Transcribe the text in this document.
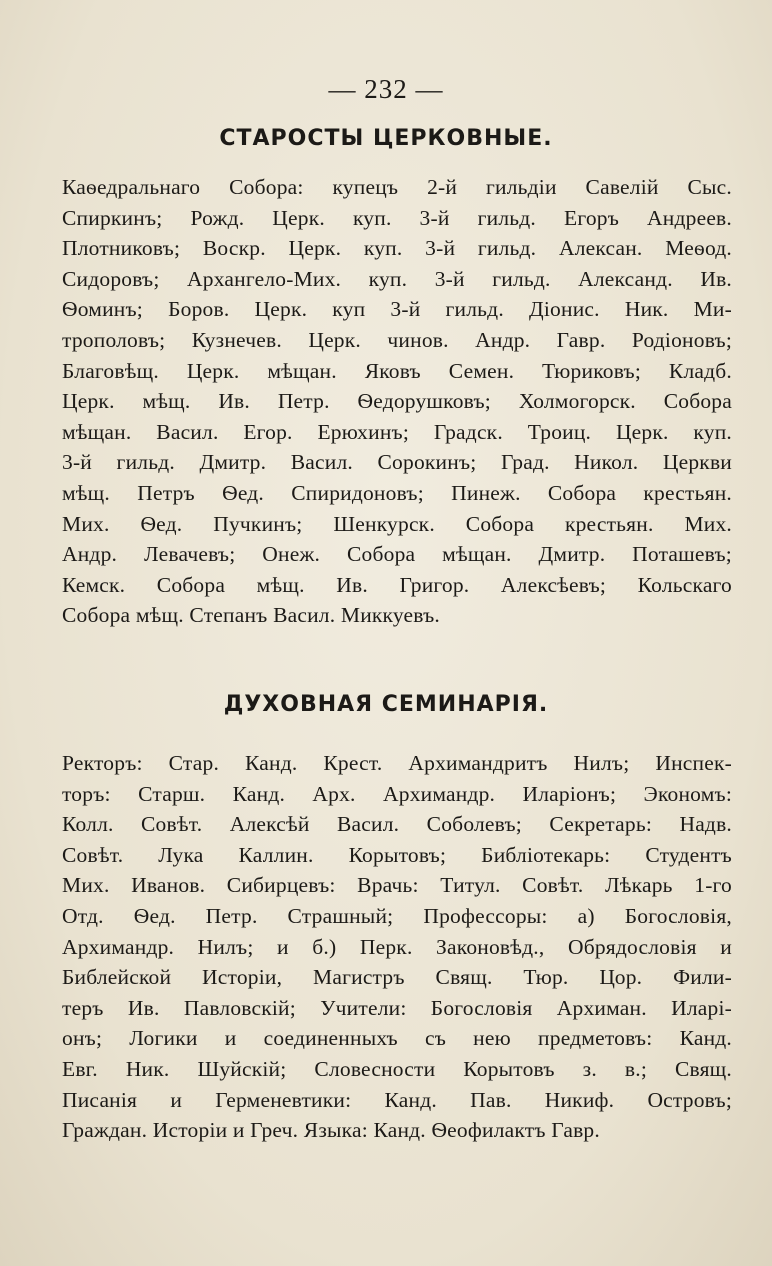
— 232 —
СТАРОСТЫ ЦЕРКОВНЫЕ.
Каѳедральнаго Собора: купецъ 2-й гильдіи Савелій Сыс.
Спиркинъ; Рожд. Церк. куп. 3-й гильд. Егоръ Андреев.
Плотниковъ; Воскр. Церк. куп. 3-й гильд. Алексан. Меѳод.
Сидоровъ; Архангело-Мих. куп. 3-й гильд. Александ. Ив.
Ѳоминъ; Боров. Церк. куп 3-й гильд. Діонис. Ник. Ми-
трополовъ; Кузнечев. Церк. чинов. Андр. Гавр. Родіоновъ;
Благовѣщ. Церк. мѣщан. Яковъ Семен. Тюриковъ; Кладб.
Церк. мѣщ. Ив. Петр. Ѳедорушковъ; Холмогорск. Собора
мѣщан. Васил. Егор. Ерюхинъ; Градск. Троиц. Церк. куп.
3-й гильд. Дмитр. Васил. Сорокинъ; Град. Никол. Церкви
мѣщ. Петръ Ѳед. Спиридоновъ; Пинеж. Собора крестьян.
Мих. Ѳед. Пучкинъ; Шенкурск. Собора крестьян. Мих.
Андр. Левачевъ; Онеж. Собора мѣщан. Дмитр. Поташевъ;
Кемск. Собора мѣщ. Ив. Григор. Алексѣевъ; Кольскаго
Собора мѣщ. Степанъ Васил. Миккуевъ.
ДУХОВНАЯ СЕМИНАРІЯ.
Ректоръ: Стар. Канд. Крест. Архимандритъ Нилъ; Инспек-
торъ: Старш. Канд. Арх. Архимандр. Иларіонъ; Экономъ:
Колл. Совѣт. Алексѣй Васил. Соболевъ; Секретарь: Надв.
Совѣт. Лука Каллин. Корытовъ; Библіотекарь: Студентъ
Мих. Иванов. Сибирцевъ: Врачь: Титул. Совѣт. Лѣкарь 1-го
Отд. Ѳед. Петр. Страшный; Профессоры: а) Богословія,
Архимандр. Нилъ; и б.) Перк. Законовѣд., Обрядословія и
Библейской Исторіи, Магистръ Свящ. Тюр. Цор. Фили-
теръ Ив. Павловскій; Учители: Богословія Архиман. Иларі-
онъ; Логики и соединенныхъ съ нею предметовъ: Канд.
Евг. Ник. Шуйскій; Словесности Корытовъ з. в.; Свящ.
Писанія и Герменевтики: Канд. Пав. Никиф. Островъ;
Граждан. Исторіи и Греч. Языка: Канд. Ѳеофилактъ Гавр.
